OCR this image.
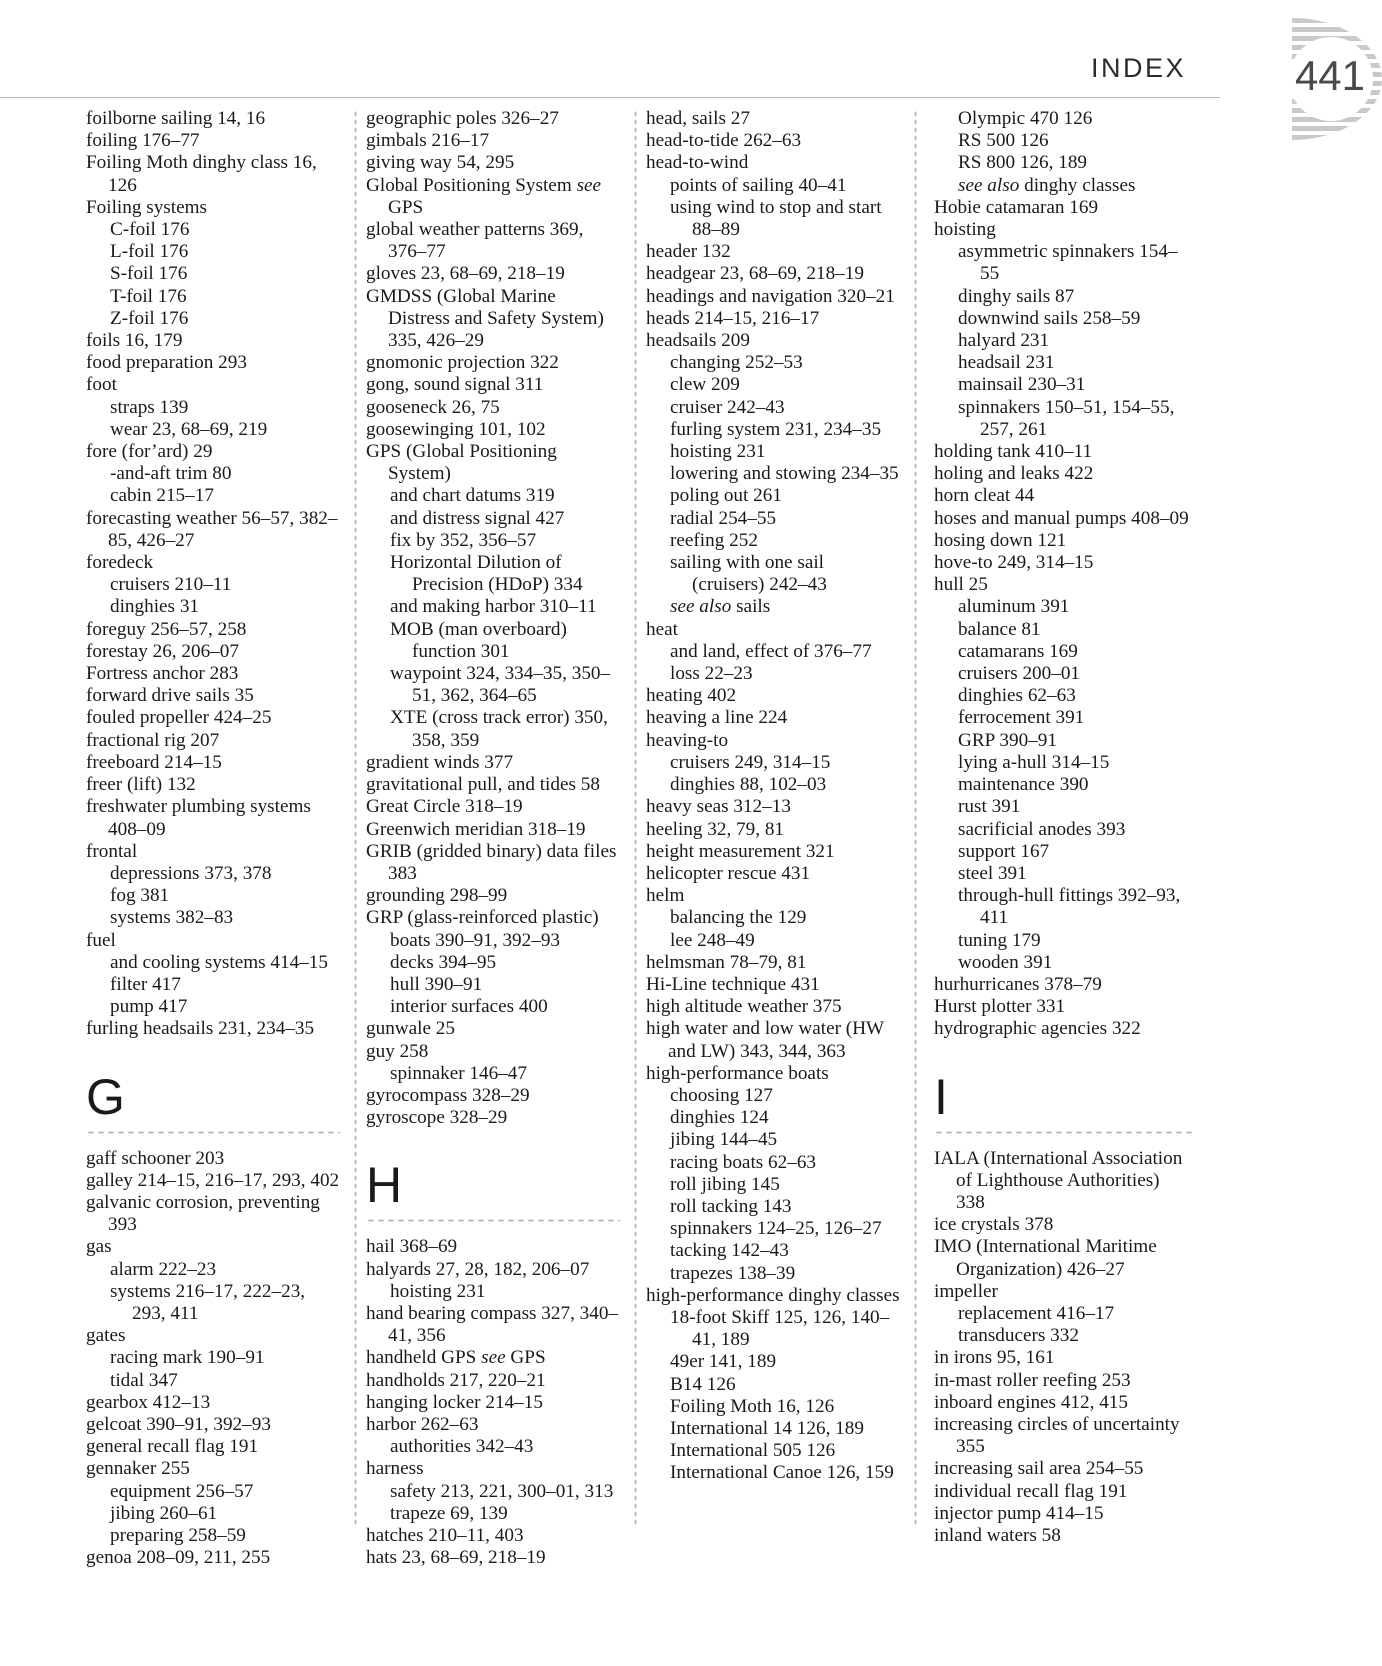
INDEX	441
foilborne sailing 14, 16
foiling 176–77
Foiling Moth dinghy class 16, 126
Foiling systems
C-foil 176
L-foil 176
S-foil 176
T-foil 176
Z-foil 176
foils 16, 179
food preparation 293
foot
straps 139
wear 23, 68–69, 219
fore (for’ard) 29
-and-aft trim 80
cabin 215–17
forecasting weather 56–57, 382–85, 426–27
foredeck
cruisers 210–11
dinghies 31
foreguy 256–57, 258
forestay 26, 206–07
Fortress anchor 283
forward drive sails 35
fouled propeller 424–25
fractional rig 207
freeboard 214–15
freer (lift) 132
freshwater plumbing systems 408–09
frontal
depressions 373, 378
fog 381
systems 382–83
fuel
and cooling systems 414–15
filter 417
pump 417
furling headsails 231, 234–35
G
gaff schooner 203
galley 214–15, 216–17, 293, 402
galvanic corrosion, preventing 393
gas
alarm 222–23
systems 216–17, 222–23, 293, 411
gates
racing mark 190–91
tidal 347
gearbox 412–13
gelcoat 390–91, 392–93
general recall flag 191
gennaker 255
equipment 256–57
jibing 260–61
preparing 258–59
genoa 208–09, 211, 255
geographic poles 326–27
gimbals 216–17
giving way 54, 295
Global Positioning System see GPS
global weather patterns 369, 376–77
gloves 23, 68–69, 218–19
GMDSS (Global Marine Distress and Safety System) 335, 426–29
gnomonic projection 322
gong, sound signal 311
gooseneck 26, 75
goosewinging 101, 102
GPS (Global Positioning System)
and chart datums 319
and distress signal 427
fix by 352, 356–57
Horizontal Dilution of Precision (HDoP) 334
and making harbor 310–11
MOB (man overboard) function 301
waypoint 324, 334–35, 350–51, 362, 364–65
XTE (cross track error) 350, 358, 359
gradient winds 377
gravitational pull, and tides 58
Great Circle 318–19
Greenwich meridian 318–19
GRIB (gridded binary) data files 383
grounding 298–99
GRP (glass-reinforced plastic)
boats 390–91, 392–93
decks 394–95
hull 390–91
interior surfaces 400
gunwale 25
guy 258
spinnaker 146–47
gyrocompass 328–29
gyroscope 328–29
H
hail 368–69
halyards 27, 28, 182, 206–07
hoisting 231
hand bearing compass 327, 340–41, 356
handheld GPS see GPS
handholds 217, 220–21
hanging locker 214–15
harbor 262–63
authorities 342–43
harness
safety 213, 221, 300–01, 313
trapeze 69, 139
hatches 210–11, 403
hats 23, 68–69, 218–19
head, sails 27
head-to-tide 262–63
head-to-wind
points of sailing 40–41
using wind to stop and start 88–89
header 132
headgear 23, 68–69, 218–19
headings and navigation 320–21
heads 214–15, 216–17
headsails 209
changing 252–53
clew 209
cruiser 242–43
furling system 231, 234–35
hoisting 231
lowering and stowing 234–35
poling out 261
radial 254–55
reefing 252
sailing with one sail (cruisers) 242–43
see also sails
heat
and land, effect of 376–77
loss 22–23
heating 402
heaving a line 224
heaving-to
cruisers 249, 314–15
dinghies 88, 102–03
heavy seas 312–13
heeling 32, 79, 81
height measurement 321
helicopter rescue 431
helm
balancing the 129
lee 248–49
helmsman 78–79, 81
Hi-Line technique 431
high altitude weather 375
high water and low water (HW and LW) 343, 344, 363
high-performance boats
choosing 127
dinghies 124
jibing 144–45
racing boats 62–63
roll jibing 145
roll tacking 143
spinnakers 124–25, 126–27
tacking 142–43
trapezes 138–39
high-performance dinghy classes
18-foot Skiff 125, 126, 140–41, 189
49er 141, 189
B14 126
Foiling Moth 16, 126
International 14 126, 189
International 505 126
International Canoe 126, 159
Olympic 470 126
RS 500 126
RS 800 126, 189
see also dinghy classes
Hobie catamaran 169
hoisting
asymmetric spinnakers 154–55
dinghy sails 87
downwind sails 258–59
halyard 231
headsail 231
mainsail 230–31
spinnakers 150–51, 154–55, 257, 261
holding tank 410–11
holing and leaks 422
horn cleat 44
hoses and manual pumps 408–09
hosing down 121
hove-to 249, 314–15
hull 25
aluminum 391
balance 81
catamarans 169
cruisers 200–01
dinghies 62–63
ferrocement 391
GRP 390–91
lying a-hull 314–15
maintenance 390
rust 391
sacrificial anodes 393
support 167
steel 391
through-hull fittings 392–93, 411
tuning 179
wooden 391
hurhurricanes 378–79
Hurst plotter 331
hydrographic agencies 322
I
IALA (International Association of Lighthouse Authorities) 338
ice crystals 378
IMO (International Maritime Organization) 426–27
impeller
replacement 416–17
transducers 332
in irons 95, 161
in-mast roller reefing 253
inboard engines 412, 415
increasing circles of uncertainty 355
increasing sail area 254–55
individual recall flag 191
injector pump 414–15
inland waters 58
